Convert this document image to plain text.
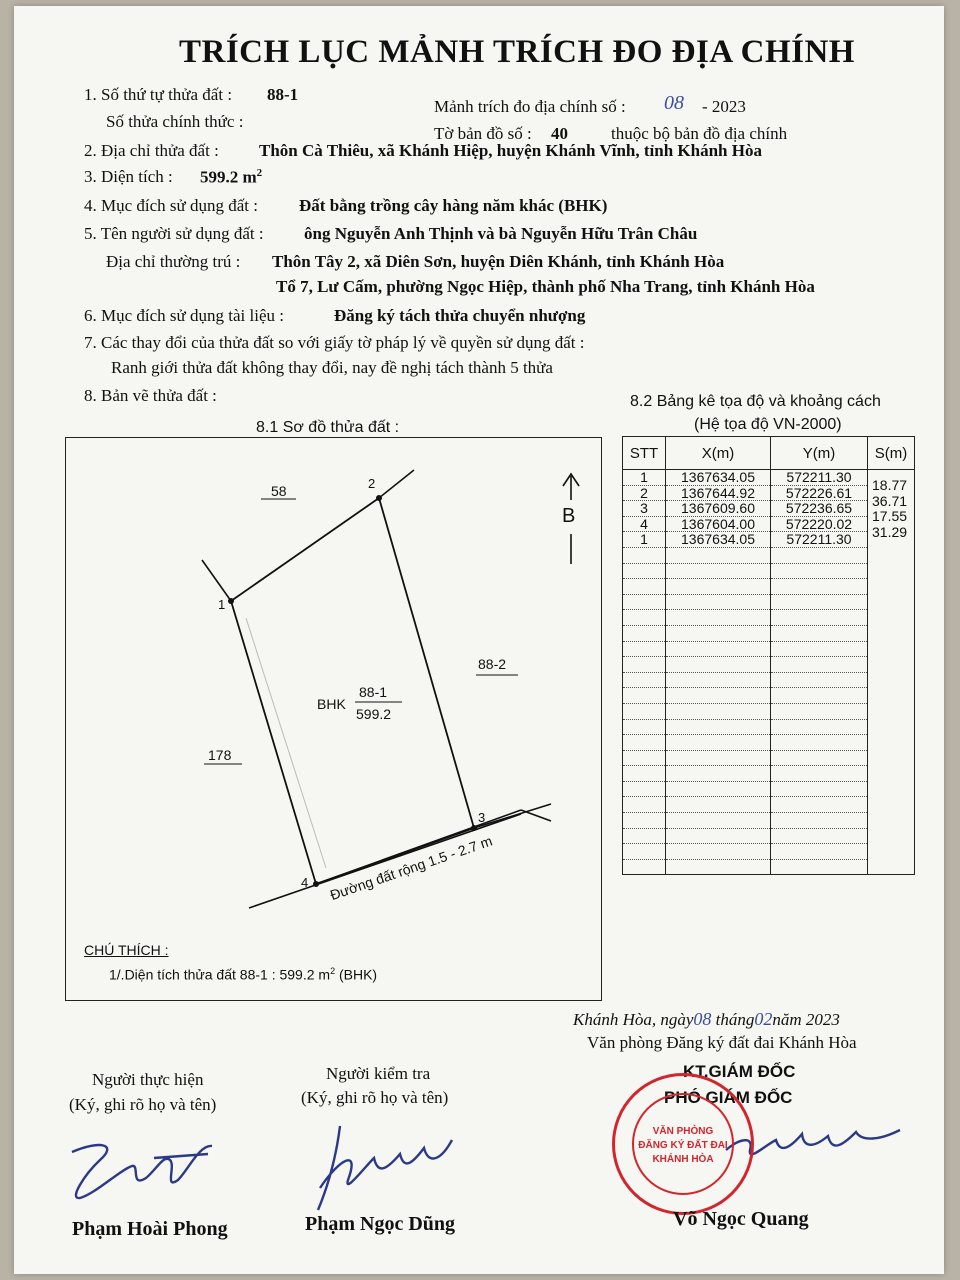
TRÍCH LỤC MẢNH TRÍCH ĐO ĐỊA CHÍNH
1. Số thứ tự thửa đất : 88-1
Số thửa chính thức :
Mảnh trích đo địa chính số : 08 - 2023
Tờ bản đồ số : 40	thuộc bộ bản đồ địa chính
2. Địa chỉ thửa đất : Thôn Cà Thiêu, xã Khánh Hiệp, huyện Khánh Vĩnh, tỉnh Khánh Hòa
3. Diện tích : 599.2 $m^2$
4. Mục đích sử dụng đất : Đất bằng trồng cây hàng năm khác (BHK)
5. Tên người sử dụng đất : ông Nguyễn Anh Thịnh và bà Nguyễn Hữu Trân Châu
Địa chỉ thường trú : Thôn Tây 2, xã Diên Sơn, huyện Diên Khánh, tỉnh Khánh Hòa
Tổ 7, Lư Cấm, phường Ngọc Hiệp, thành phố Nha Trang, tỉnh Khánh Hòa
6. Mục đích sử dụng tài liệu :	Đăng ký tách thửa chuyển nhượng
7. Các thay đổi của thửa đất so với giấy tờ pháp lý về quyền sử dụng đất :
Ranh giới thửa đất không thay đổi, nay đề nghị tách thành 5 thửa
8. Bản vẽ thửa đất :	8.2 Bảng kê tọa độ và khoảng cách
(Hệ tọa độ VN-2000)
8.1 Sơ đồ thửa đất :
58
88-2
178
1
2
3
4
BHK
88-1
599.2
B
Đường đất rộng 1.5 - 2.7 m
CHÚ THÍCH :
1/.Diện tích thửa đất 88-1 : 599.2 $m^2$ (BHK)
STT	X(m)	Y(m)	S(m)
1	1367634.05	572211.30	18.77
2	1367644.92	572226.61	36.71
3	1367609.60	572236.65	17.55
4	1367604.00	572220.02	31.29
1	1367634.05	572211.30	

Khánh Hòa, ngày08 tháng02năm 2023
Văn phòng Đăng ký đất đai Khánh Hòa
KT.GIÁM ĐỐC
PHÓ GIÁM ĐỐC
Người thực hiện
(Ký, ghi rõ họ và tên)
Người kiểm tra
(Ký, ghi rõ họ và tên)
VĂN PHÒNG
ĐĂNG KÝ ĐẤT ĐAI
KHÁNH HÒA
Phạm Hoài Phong	Phạm Ngọc Dũng	Võ Ngọc Quang
